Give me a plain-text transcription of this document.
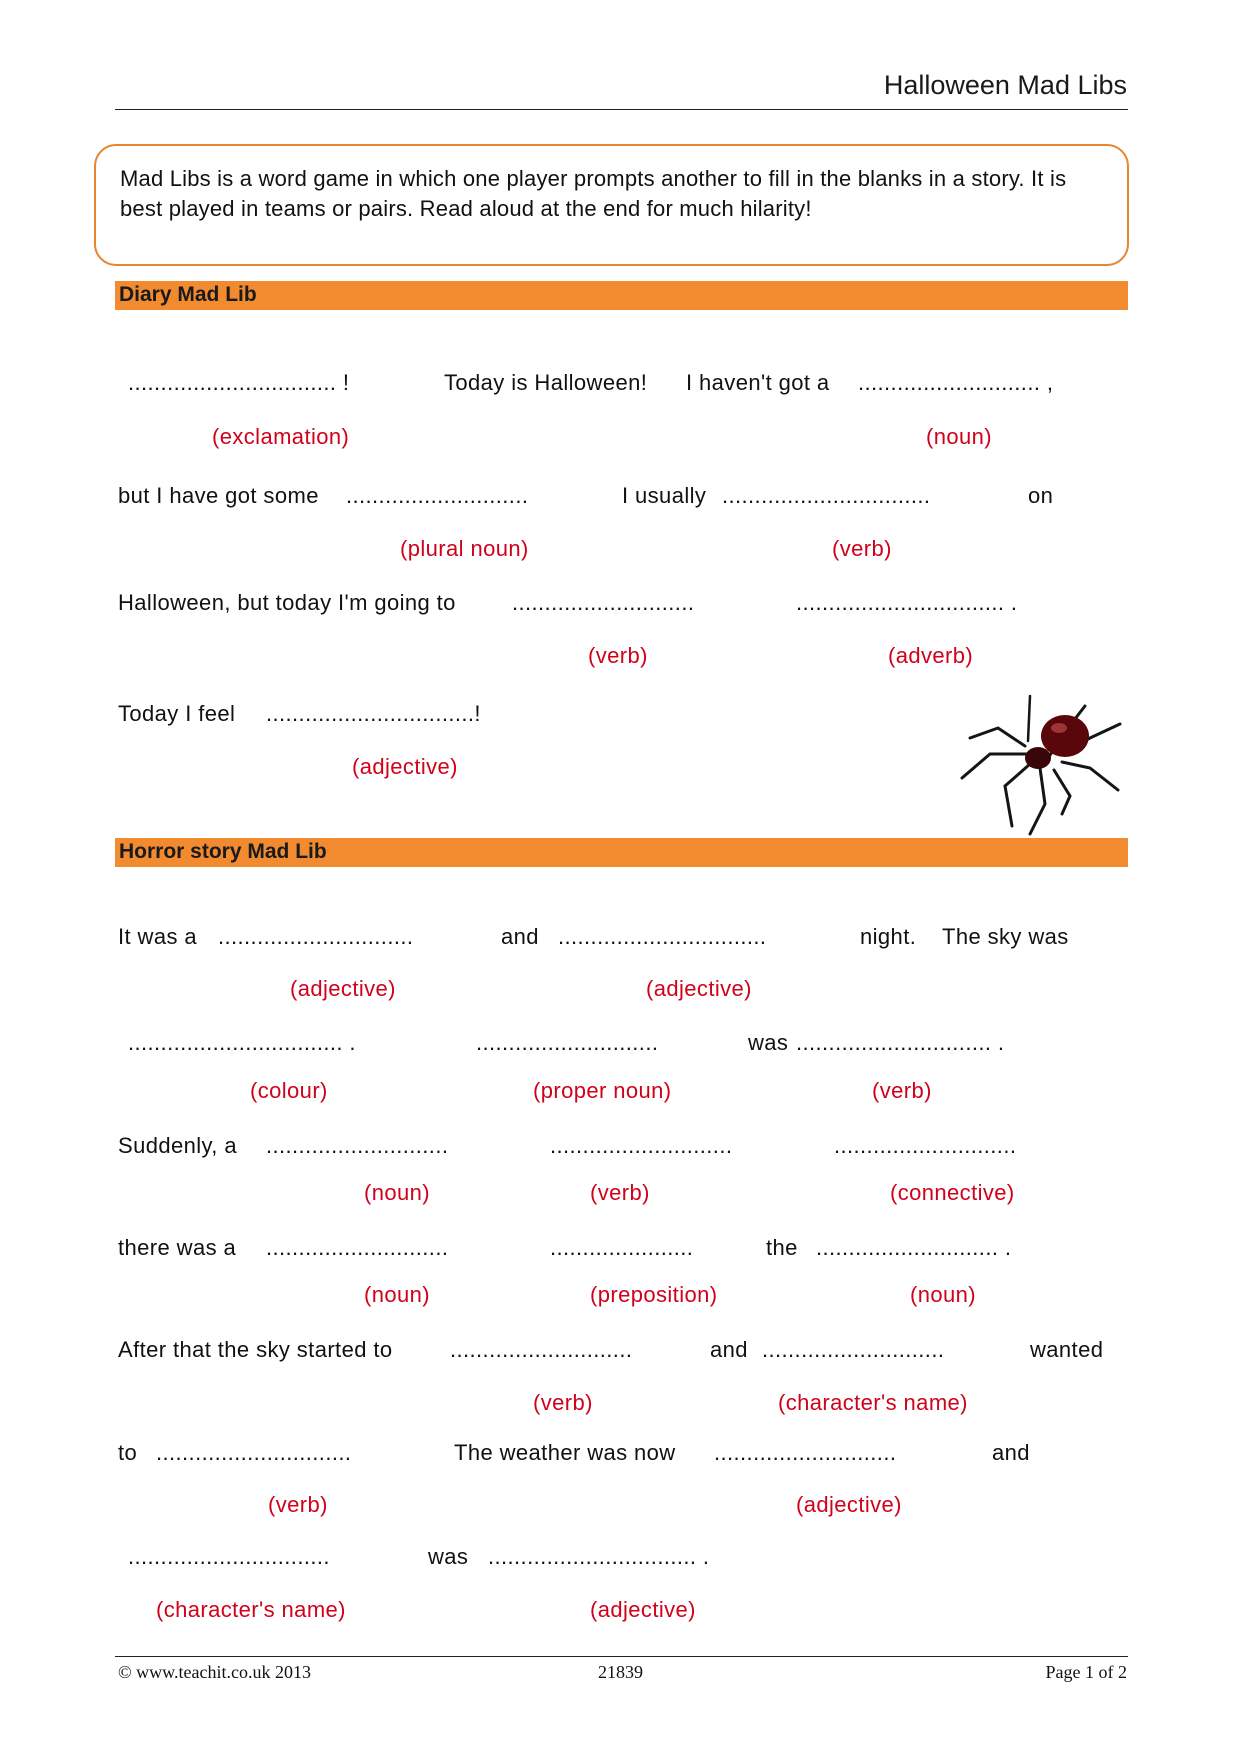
Halloween Mad Libs
Mad Libs is a word game in which one player prompts another to fill in the blanks in a story. It is best played in teams or pairs. Read aloud at the end for much hilarity!
Diary Mad Lib
................................ !	Today is Halloween! I haven't got a ............................ ,
(exclamation)	(noun)
but I have got some ............................	I usually ................................	on
(plural noun)	(verb)
Halloween, but today I'm going to	............................	................................ .
(verb)	(adverb)
Today I feel ................................!
(adjective)
Horror story Mad Lib
It was a ..............................	and ................................	night. The sky was
(adjective)	(adjective)
................................. .	............................	was .............................. .
(colour)	(proper noun)	(verb)
Suddenly, a ............................	............................	............................
(noun)	(verb)	(connective)
there was a ............................	......................	the ............................ .
(noun)	(preposition)	(noun)
After that the sky started to	............................	and ............................	wanted
(verb)	(character's name)
to ..............................	The weather was now ............................	and
(verb)	(adjective)
...............................	was ................................ .
(character's name)	(adjective)
© www.teachit.co.uk 2013	21839	Page 1 of 2
